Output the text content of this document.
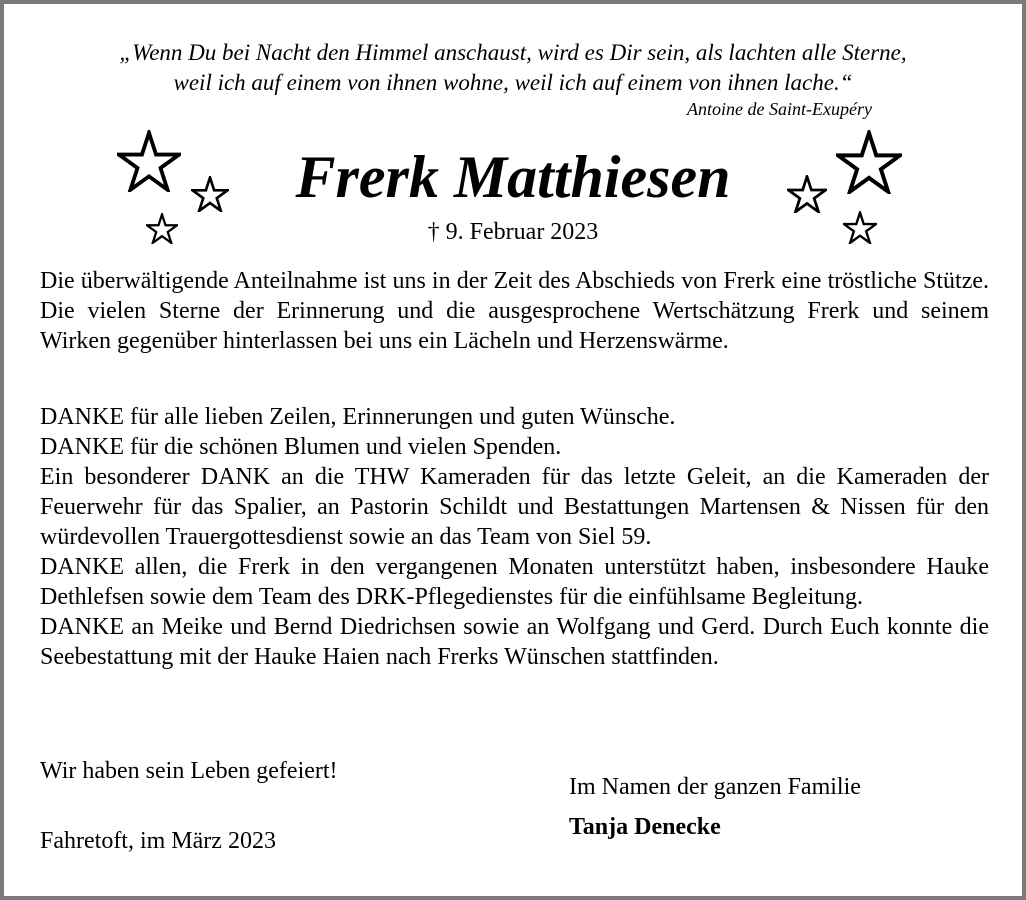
„Wenn Du bei Nacht den Himmel anschaust, wird es Dir sein, als lachten alle Sterne,
weil ich auf einem von ihnen wohne, weil ich auf einem von ihnen lache.“
Antoine de Saint-Exupéry
Frerk Matthiesen
† 9. Februar 2023

Die überwältigende Anteilnahme ist uns in der Zeit des Abschieds von Frerk eine tröstliche Stütze. Die vielen Sterne der Erinnerung und die ausgesprochene Wertschätzung Frerk und seinem Wirken gegenüber hinterlassen bei uns ein Lächeln und Herzenswärme.

DANKE für alle lieben Zeilen, Erinnerungen und guten Wünsche.

DANKE für die schönen Blumen und vielen Spenden.

Ein besonderer DANK an die THW Kameraden für das letzte Geleit, an die Kameraden der Feuerwehr für das Spalier, an Pastorin Schildt und Bestattungen Martensen & Nissen für den würdevollen Trauergottesdienst sowie an das Team von Siel 59.

DANKE allen, die Frerk in den vergangenen Monaten unterstützt haben, insbesondere Hauke Dethlefsen sowie dem Team des DRK-Pflegedienstes für die einfühlsame Begleitung.

DANKE an Meike und Bernd Diedrichsen sowie an Wolfgang und Gerd. Durch Euch konnte die Seebestattung mit der Hauke Haien nach Frerks Wünschen stattfinden.

Wir haben sein Leben gefeiert!
Fahretoft, im März 2023
Im Namen der ganzen Familie
Tanja Denecke
